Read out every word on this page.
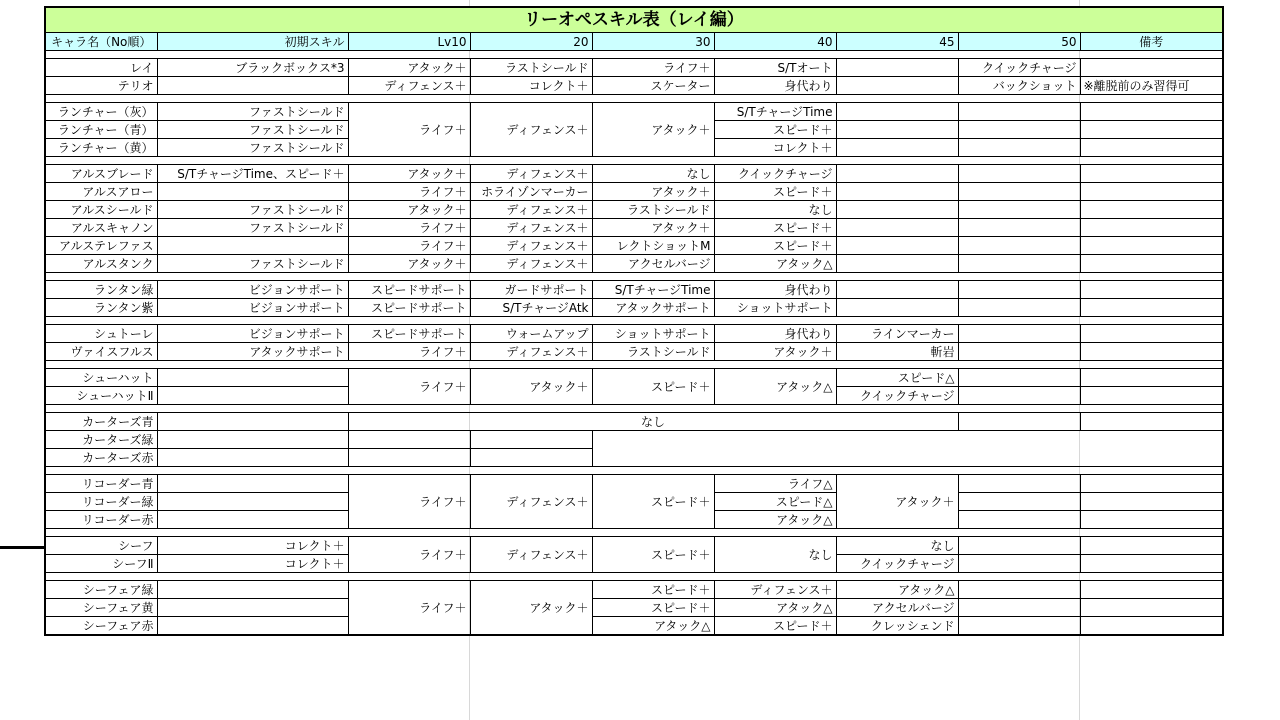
リーオペスキル表（レイ編）								
キャラ名（No順）	初期スキル	Lv10	20	30	40	45	50	備考

レイ	ブラックボックス*3	アタック＋	ラストシールド	ライフ＋	S/Tオート		クイックチャージ	
テリオ		ディフェンス＋	コレクト＋	スケーター	身代わり		バックショット	※離脱前のみ習得可

ランチャー（灰）	ファストシールド	ライフ＋	ディフェンス＋	アタック＋	S/TチャージTime			
ランチャー（青）	ファストシールド				スピード＋			
ランチャー（黄）	ファストシールド				コレクト＋			

アルスブレード	S/TチャージTime、スピード＋	アタック＋	ディフェンス＋	なし	クイックチャージ			
アルスアロー		ライフ＋	ホライゾンマーカー	アタック＋	スピード＋			
アルスシールド	ファストシールド	アタック＋	ディフェンス＋	ラストシールド	なし			
アルスキャノン	ファストシールド	ライフ＋	ディフェンス＋	アタック＋	スピード＋			
アルステレファス		ライフ＋	ディフェンス＋	レクトショットM	スピード＋			
アルスタンク	ファストシールド	アタック＋	ディフェンス＋	アクセルバージ	アタック△			

ランタン緑	ビジョンサポート	スピードサポート	ガードサポート	S/TチャージTime	身代わり			
ランタン紫	ビジョンサポート	スピードサポート	S/TチャージAtk	アタックサポート	ショットサポート			

シュトーレ	ビジョンサポート	スピードサポート	ウォームアップ	ショットサポート	身代わり	ラインマーカー		
ヴァイスフルス	アタックサポート	ライフ＋	ディフェンス＋	ラストシールド	アタック＋	斬岩		

シューハット		ライフ＋	アタック＋	スピード＋	アタック△	スピード△		
シューハットⅡ						クイックチャージ		

カーターズ青		なし						
カーターズ緑								
カーターズ赤								

リコーダー青		ライフ＋	ディフェンス＋	スピード＋	ライフ△	アタック＋		
リコーダー緑					スピード△			
リコーダー赤					アタック△			

シーフ	コレクト＋	ライフ＋	ディフェンス＋	スピード＋	なし	なし		
シーフⅡ	コレクト＋					クイックチャージ		

シーフェア緑		ライフ＋	アタック＋	スピード＋	ディフェンス＋	アタック△		
シーフェア黄				スピード＋	アタック△	アクセルバージ		
シーフェア赤				アタック△	スピード＋	クレッシェンド		
